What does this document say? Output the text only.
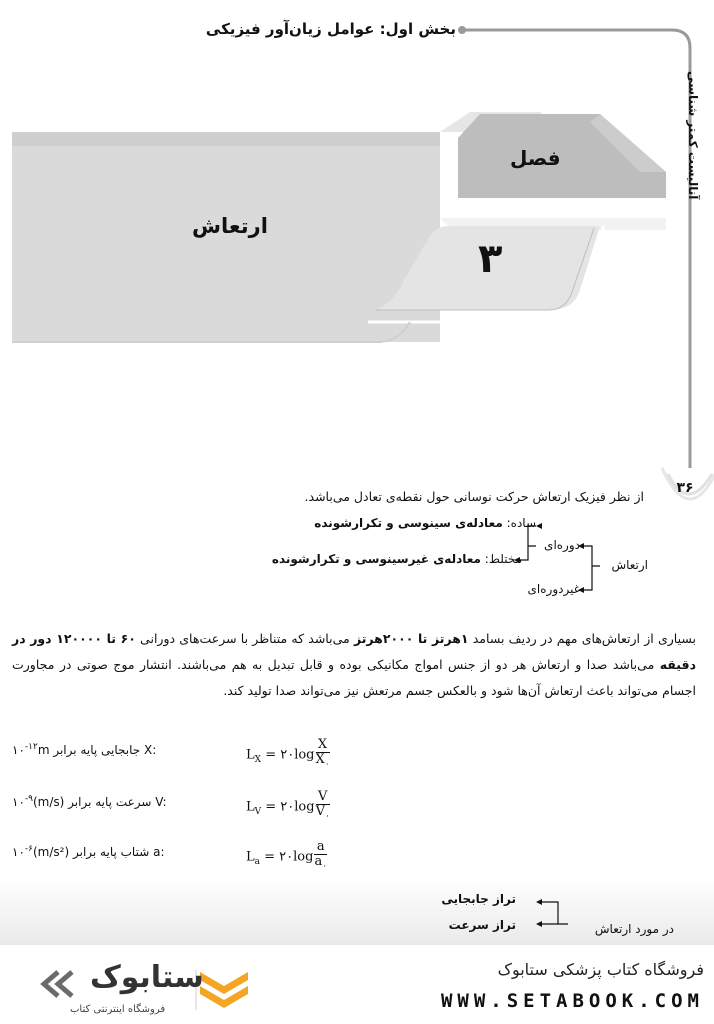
بخش اول: عوامل زیان‌آور فیزیکی
آنالیست کمتر شناسی
فصل
۳
ارتعاش
۳۶
از نظر فیزیک ارتعاش حرکت نوسانی حول نقطه‌ی تعادل می‌باشد.
ارتعاش
دوره‌ای
غیردوره‌ای
ساده: معادله‌ی سینوسی و تکرارشونده
مختلط: معادله‌ی غیرسینوسی و تکرارشونده
بسیاری از ارتعاش‌های مهم در ردیف بسامد ۱هرتز تا ۲۰۰۰هرتز می‌باشد که متناظر با سرعت‌های دورانی ۶۰ تا ۱۲۰۰۰۰ دور در دقیقه می‌باشد صدا و ارتعاش هر دو از جنس امواج مکانیکی بوده و قابل تبدیل به هم می‌باشند. انتشار موج صوتی در مجاورت اجسام می‌تواند باعث ارتعاش آن‌ها شود و بالعکس جسم مرتعش نیز می‌تواند صدا تولید کند.
$L_X$ = ۲۰log $\frac{X}{X_۰}$
$۱۰^{-۱۲}m$ جابجایی پایه برابر X:
$L_V$ = ۲۰log $\frac{V}{V_۰}$
$۱۰^{-۹}(m/s)$ سرعت پایه برابر V:
$L_a$ = ۲۰log $\frac{a}{a_۰}$
$۱۰^{-۶}(m/s^2)$ شتاب پایه برابر a:
در مورد ارتعاش
تراز جابجایی
تراز سرعت
ستابوک
فروشگاه اینترنتی کتاب
فروشگاه کتاب پزشکی ستابوک
WWW.SETABOOK.COM
